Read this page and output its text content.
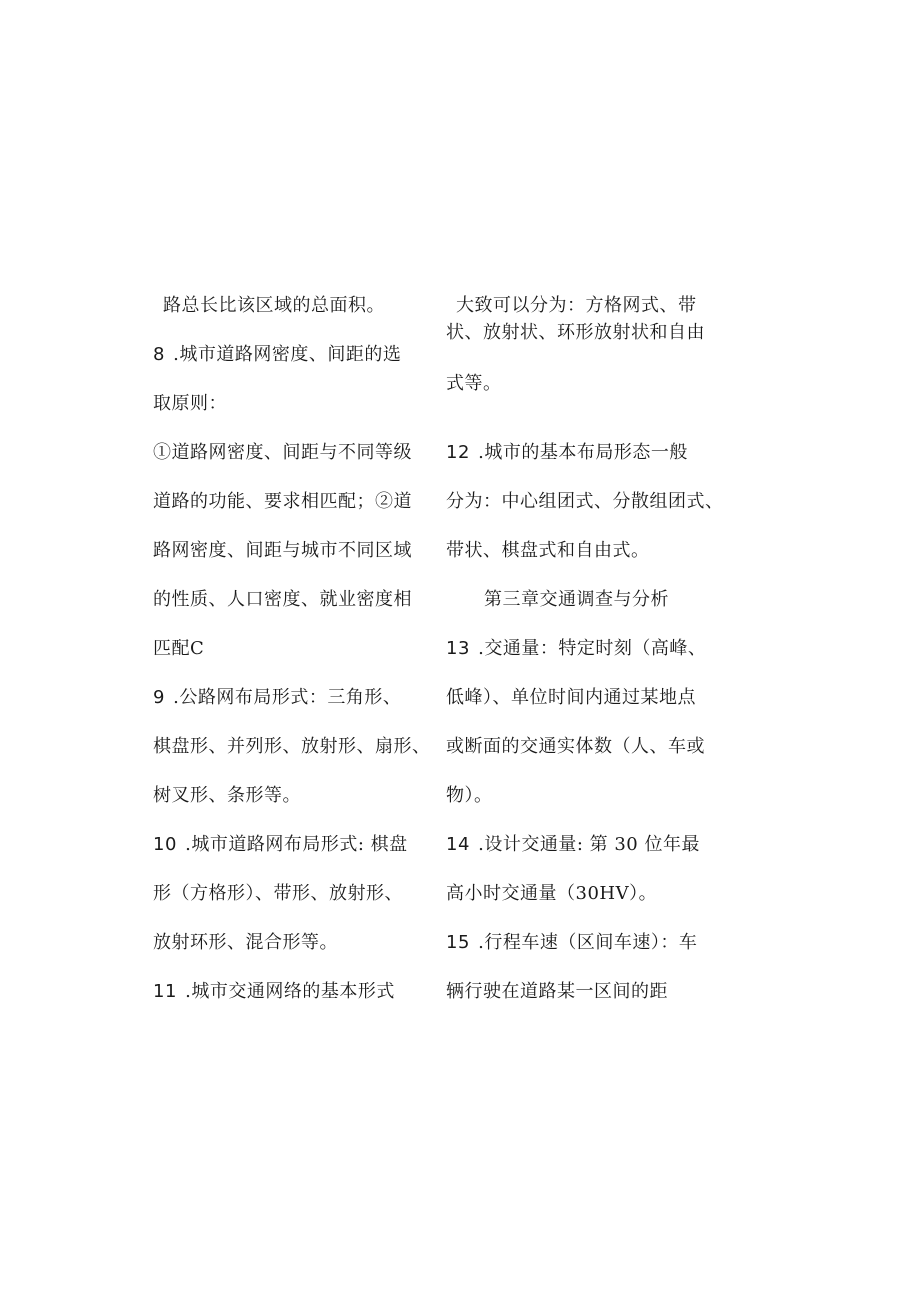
路总长比该区域的总面积。
8 .城市道路网密度、间距的选
取原则：
①道路网密度、间距与不同等级
道路的功能、要求相匹配；②道
路网密度、间距与城市不同区域
的性质、人口密度、就业密度相
匹配C
9 .公路网布局形式：三角形、
棋盘形、并列形、放射形、扇形、
树叉形、条形等。
10 .城市道路网布局形式: 棋盘
形（方格形）、带形、放射形、
放射环形、混合形等。
11 .城市交通网络的基本形式
大致可以分为：方格网式、带
状、放射状、环形放射状和自由
式等。
12 .城市的基本布局形态一般
分为：中心组团式、分散组团式、
带状、棋盘式和自由式。
第三章交通调查与分析
13 .交通量：特定时刻（高峰、
低峰）、单位时间内通过某地点
或断面的交通实体数（人、车或
物）。
14 .设计交通量: 第 30 位年最
高小时交通量（30HV）。
15 .行程车速（区间车速）：车
辆行驶在道路某一区间的距
